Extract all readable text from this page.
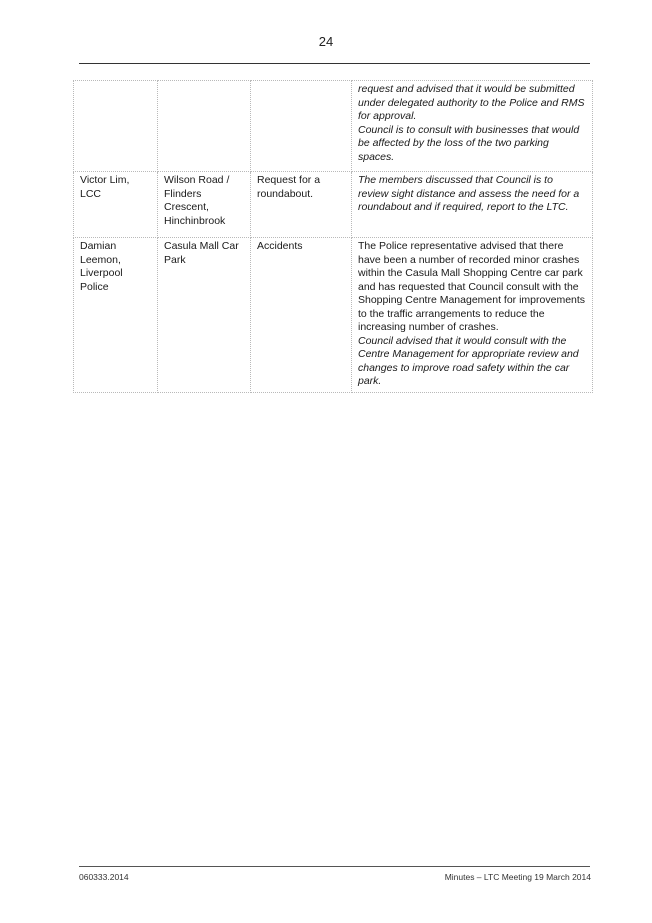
24

			request and advised that it would be submitted under delegated authority to the Police and RMS for approval.
Council is to consult with businesses that would be affected by the loss of the two parking spaces.

Victor Lim, LCC	Wilson Road / Flinders Crescent, Hinchinbrook	Request for a roundabout.	The members discussed that Council is to review sight distance and assess the need for a roundabout and if required, report to the LTC.

Damian Leemon, Liverpool Police	Casula Mall Car Park	Accidents	The Police representative advised that there have been a number of recorded minor crashes within the Casula Mall Shopping Centre car park and has requested that Council consult with the Shopping Centre Management for improvements to the traffic arrangements to reduce the increasing number of crashes.
Council advised that it would consult with the Centre Management for appropriate review and changes to improve road safety within the car park.
060333.2014	Minutes – LTC Meeting 19 March 2014
